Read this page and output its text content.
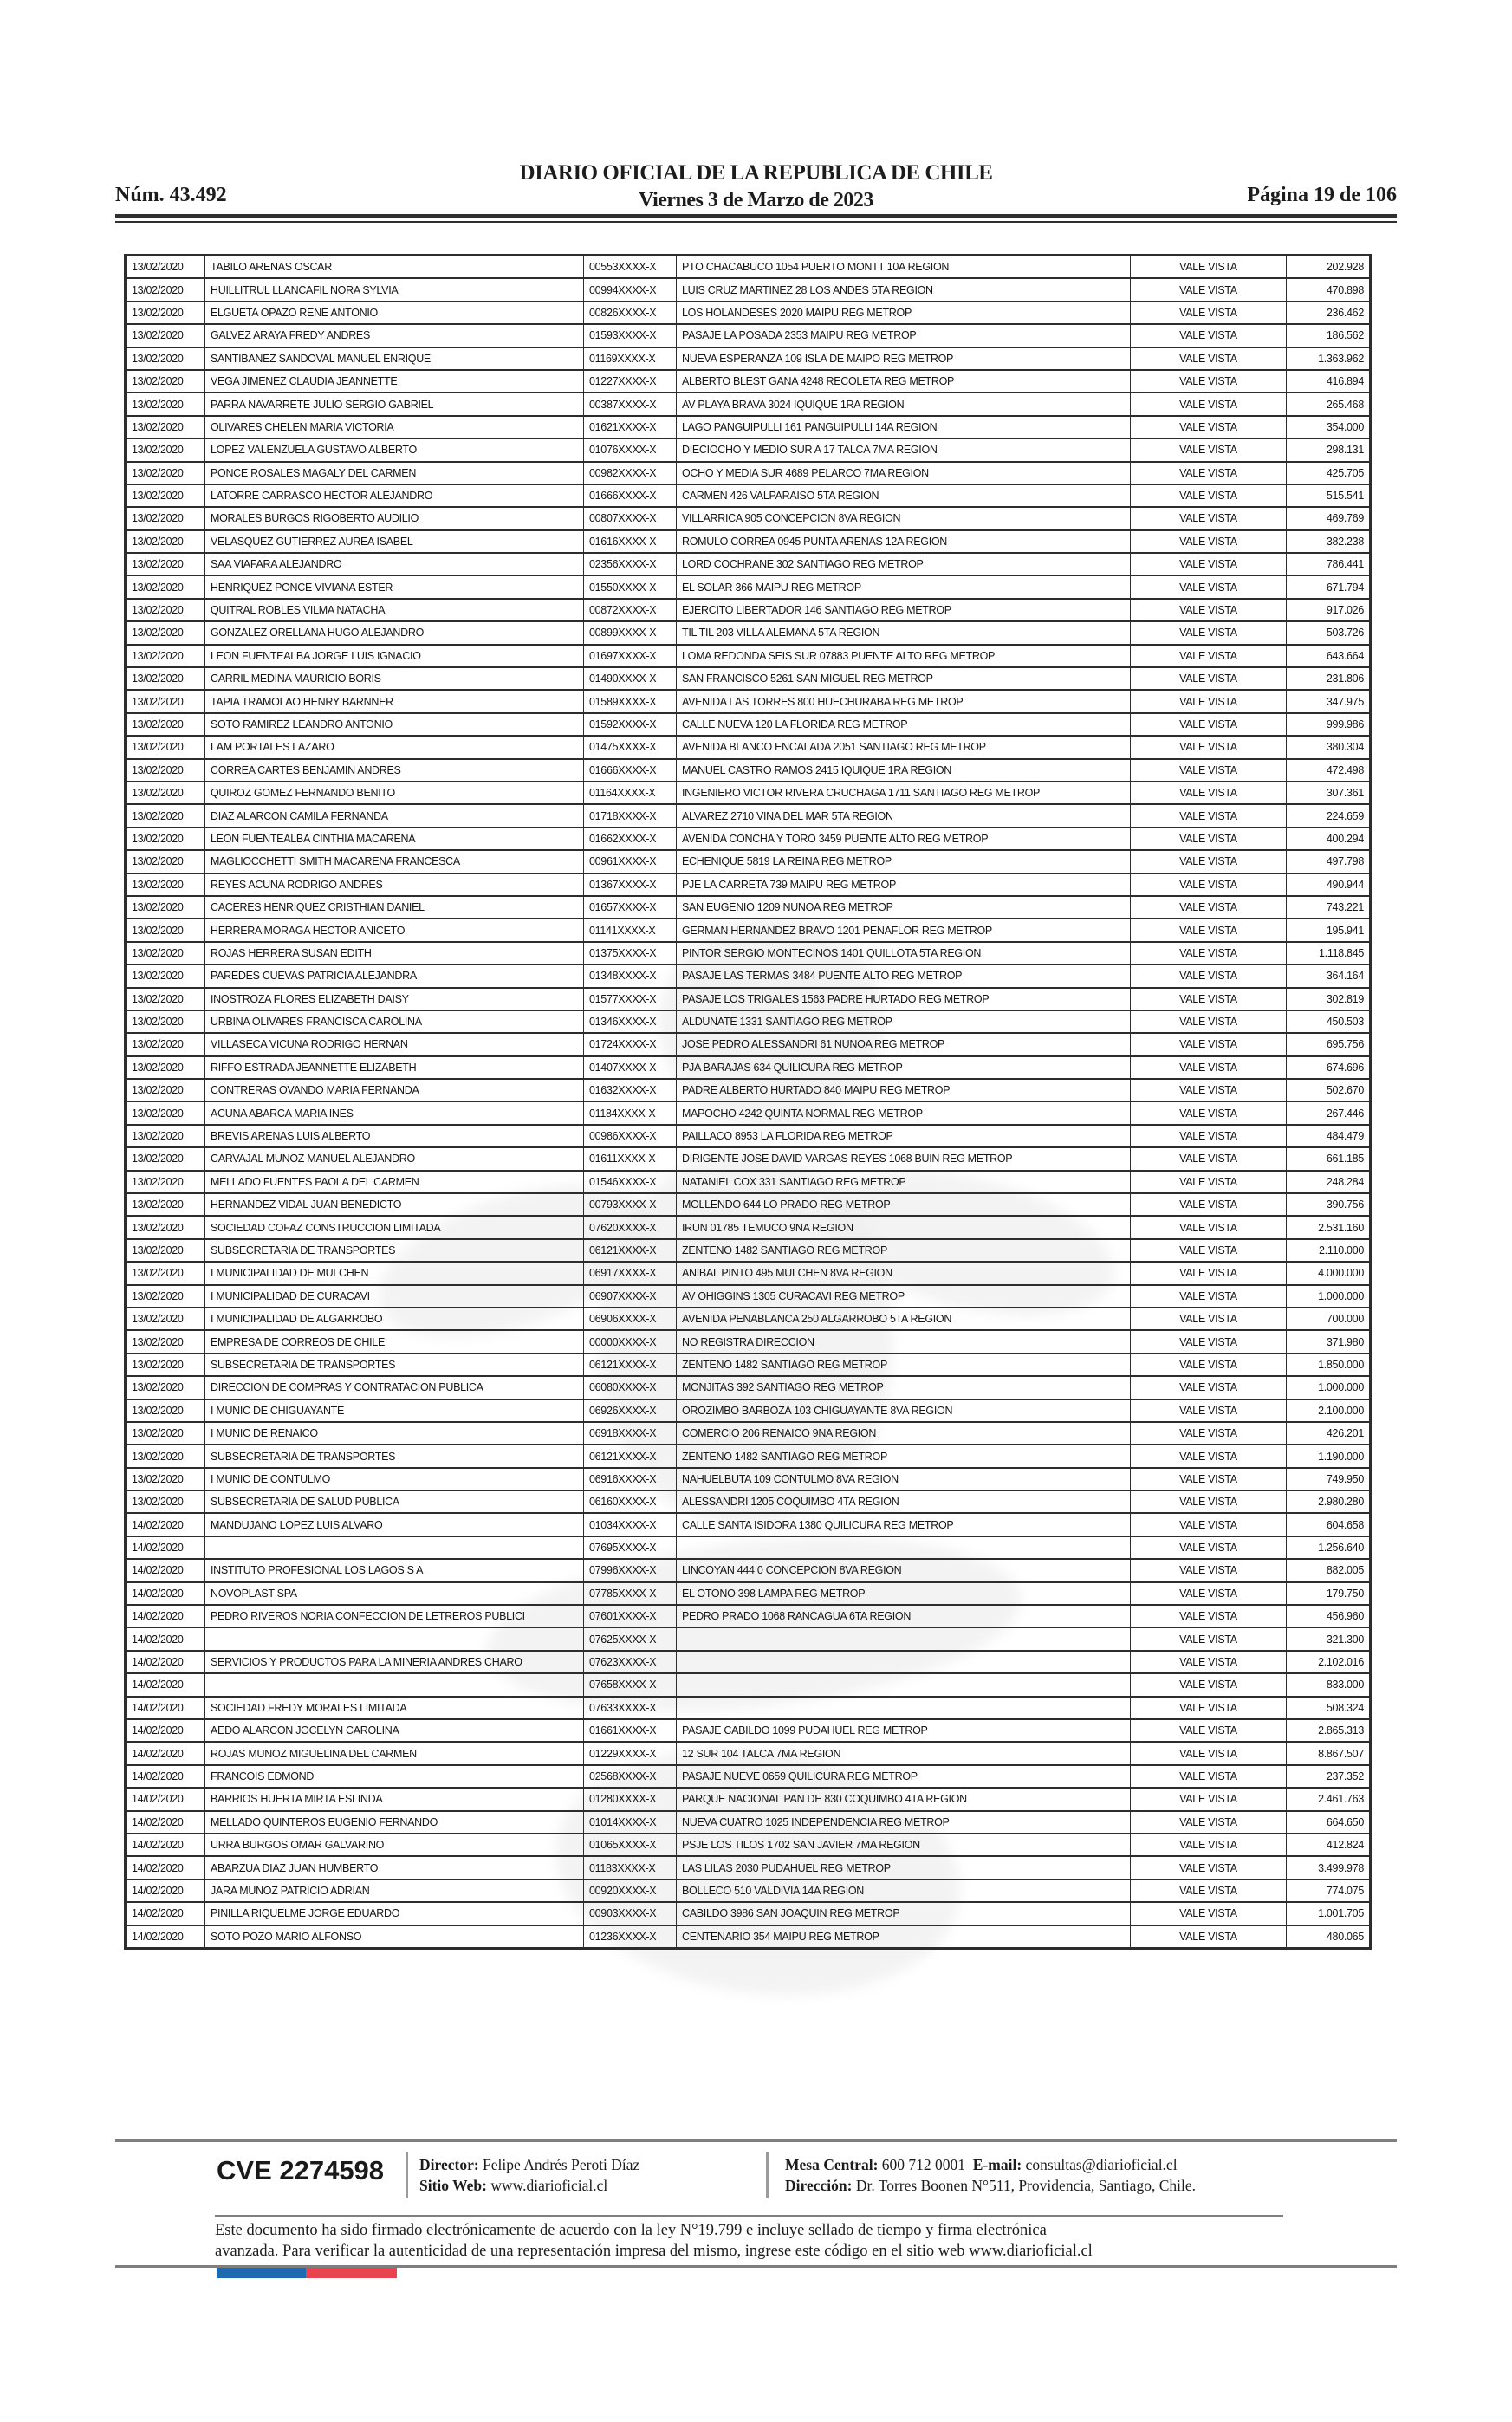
Núm. 43.492
DIARIO OFICIAL DE LA REPUBLICA DE CHILE
Viernes 3 de Marzo de 2023	Página 19 de 106
13/02/2020	TABILO ARENAS OSCAR	00553XXXX-X	PTO CHACABUCO 1054 PUERTO MONTT 10A REGION	VALE VISTA	202.928
13/02/2020	HUILLITRUL LLANCAFIL NORA SYLVIA	00994XXXX-X	LUIS CRUZ MARTINEZ 28 LOS ANDES 5TA REGION	VALE VISTA	470.898
13/02/2020	ELGUETA OPAZO RENE ANTONIO	00826XXXX-X	LOS HOLANDESES 2020 MAIPU REG METROP	VALE VISTA	236.462
13/02/2020	GALVEZ ARAYA FREDY ANDRES	01593XXXX-X	PASAJE LA POSADA 2353 MAIPU REG METROP	VALE VISTA	186.562
13/02/2020	SANTIBANEZ SANDOVAL MANUEL ENRIQUE	01169XXXX-X	NUEVA ESPERANZA 109 ISLA DE MAIPO REG METROP	VALE VISTA	1.363.962
13/02/2020	VEGA JIMENEZ CLAUDIA JEANNETTE	01227XXXX-X	ALBERTO BLEST GANA 4248 RECOLETA REG METROP	VALE VISTA	416.894
13/02/2020	PARRA NAVARRETE JULIO SERGIO GABRIEL	00387XXXX-X	AV PLAYA BRAVA 3024 IQUIQUE 1RA REGION	VALE VISTA	265.468
13/02/2020	OLIVARES CHELEN MARIA VICTORIA	01621XXXX-X	LAGO PANGUIPULLI 161 PANGUIPULLI 14A REGION	VALE VISTA	354.000
13/02/2020	LOPEZ VALENZUELA GUSTAVO ALBERTO	01076XXXX-X	DIECIOCHO Y MEDIO SUR A 17 TALCA 7MA REGION	VALE VISTA	298.131
13/02/2020	PONCE ROSALES MAGALY DEL CARMEN	00982XXXX-X	OCHO Y MEDIA SUR 4689 PELARCO 7MA REGION	VALE VISTA	425.705
13/02/2020	LATORRE CARRASCO HECTOR ALEJANDRO	01666XXXX-X	CARMEN 426 VALPARAISO 5TA REGION	VALE VISTA	515.541
13/02/2020	MORALES BURGOS RIGOBERTO AUDILIO	00807XXXX-X	VILLARRICA 905 CONCEPCION 8VA REGION	VALE VISTA	469.769
13/02/2020	VELASQUEZ GUTIERREZ AUREA ISABEL	01616XXXX-X	ROMULO CORREA 0945 PUNTA ARENAS 12A REGION	VALE VISTA	382.238
13/02/2020	SAA VIAFARA ALEJANDRO	02356XXXX-X	LORD COCHRANE 302 SANTIAGO REG METROP	VALE VISTA	786.441
13/02/2020	HENRIQUEZ PONCE VIVIANA ESTER	01550XXXX-X	EL SOLAR 366 MAIPU REG METROP	VALE VISTA	671.794
13/02/2020	QUITRAL ROBLES VILMA NATACHA	00872XXXX-X	EJERCITO LIBERTADOR 146 SANTIAGO REG METROP	VALE VISTA	917.026
13/02/2020	GONZALEZ ORELLANA HUGO ALEJANDRO	00899XXXX-X	TIL TIL 203 VILLA ALEMANA 5TA REGION	VALE VISTA	503.726
13/02/2020	LEON FUENTEALBA JORGE LUIS IGNACIO	01697XXXX-X	LOMA REDONDA SEIS SUR 07883 PUENTE ALTO REG METROP	VALE VISTA	643.664
13/02/2020	CARRIL MEDINA MAURICIO BORIS	01490XXXX-X	SAN FRANCISCO 5261 SAN MIGUEL REG METROP	VALE VISTA	231.806
13/02/2020	TAPIA TRAMOLAO HENRY BARNNER	01589XXXX-X	AVENIDA LAS TORRES 800 HUECHURABA REG METROP	VALE VISTA	347.975
13/02/2020	SOTO RAMIREZ LEANDRO ANTONIO	01592XXXX-X	CALLE NUEVA 120 LA FLORIDA REG METROP	VALE VISTA	999.986
13/02/2020	LAM PORTALES LAZARO	01475XXXX-X	AVENIDA BLANCO ENCALADA 2051 SANTIAGO REG METROP	VALE VISTA	380.304
13/02/2020	CORREA CARTES BENJAMIN ANDRES	01666XXXX-X	MANUEL CASTRO RAMOS 2415 IQUIQUE 1RA REGION	VALE VISTA	472.498
13/02/2020	QUIROZ GOMEZ FERNANDO BENITO	01164XXXX-X	INGENIERO VICTOR RIVERA CRUCHAGA 1711 SANTIAGO REG METROP	VALE VISTA	307.361
13/02/2020	DIAZ ALARCON CAMILA FERNANDA	01718XXXX-X	ALVAREZ 2710 VINA DEL MAR 5TA REGION	VALE VISTA	224.659
13/02/2020	LEON FUENTEALBA CINTHIA MACARENA	01662XXXX-X	AVENIDA CONCHA Y TORO 3459 PUENTE ALTO REG METROP	VALE VISTA	400.294
13/02/2020	MAGLIOCCHETTI SMITH MACARENA FRANCESCA	00961XXXX-X	ECHENIQUE 5819 LA REINA REG METROP	VALE VISTA	497.798
13/02/2020	REYES ACUNA RODRIGO ANDRES	01367XXXX-X	PJE LA CARRETA 739 MAIPU REG METROP	VALE VISTA	490.944
13/02/2020	CACERES HENRIQUEZ CRISTHIAN DANIEL	01657XXXX-X	SAN EUGENIO 1209 NUNOA REG METROP	VALE VISTA	743.221
13/02/2020	HERRERA MORAGA HECTOR ANICETO	01141XXXX-X	GERMAN HERNANDEZ BRAVO 1201 PENAFLOR REG METROP	VALE VISTA	195.941
13/02/2020	ROJAS HERRERA SUSAN EDITH	01375XXXX-X	PINTOR SERGIO MONTECINOS 1401 QUILLOTA 5TA REGION	VALE VISTA	1.118.845
13/02/2020	PAREDES CUEVAS PATRICIA ALEJANDRA	01348XXXX-X	PASAJE LAS TERMAS 3484 PUENTE ALTO REG METROP	VALE VISTA	364.164
13/02/2020	INOSTROZA FLORES ELIZABETH DAISY	01577XXXX-X	PASAJE LOS TRIGALES 1563 PADRE HURTADO REG METROP	VALE VISTA	302.819
13/02/2020	URBINA OLIVARES FRANCISCA CAROLINA	01346XXXX-X	ALDUNATE 1331 SANTIAGO REG METROP	VALE VISTA	450.503
13/02/2020	VILLASECA VICUNA RODRIGO HERNAN	01724XXXX-X	JOSE PEDRO ALESSANDRI 61 NUNOA REG METROP	VALE VISTA	695.756
13/02/2020	RIFFO ESTRADA JEANNETTE ELIZABETH	01407XXXX-X	PJA BARAJAS 634 QUILICURA REG METROP	VALE VISTA	674.696
13/02/2020	CONTRERAS OVANDO MARIA FERNANDA	01632XXXX-X	PADRE ALBERTO HURTADO 840 MAIPU REG METROP	VALE VISTA	502.670
13/02/2020	ACUNA ABARCA MARIA INES	01184XXXX-X	MAPOCHO 4242 QUINTA NORMAL REG METROP	VALE VISTA	267.446
13/02/2020	BREVIS ARENAS LUIS ALBERTO	00986XXXX-X	PAILLACO 8953 LA FLORIDA REG METROP	VALE VISTA	484.479
13/02/2020	CARVAJAL MUNOZ MANUEL ALEJANDRO	01611XXXX-X	DIRIGENTE JOSE DAVID VARGAS REYES 1068 BUIN REG METROP	VALE VISTA	661.185
13/02/2020	MELLADO FUENTES PAOLA DEL CARMEN	01546XXXX-X	NATANIEL COX 331 SANTIAGO REG METROP	VALE VISTA	248.284
13/02/2020	HERNANDEZ VIDAL JUAN BENEDICTO	00793XXXX-X	MOLLENDO 644 LO PRADO REG METROP	VALE VISTA	390.756
13/02/2020	SOCIEDAD COFAZ CONSTRUCCION LIMITADA	07620XXXX-X	IRUN 01785 TEMUCO 9NA REGION	VALE VISTA	2.531.160
13/02/2020	SUBSECRETARIA DE TRANSPORTES	06121XXXX-X	ZENTENO 1482 SANTIAGO REG METROP	VALE VISTA	2.110.000
13/02/2020	I MUNICIPALIDAD DE MULCHEN	06917XXXX-X	ANIBAL PINTO 495 MULCHEN 8VA REGION	VALE VISTA	4.000.000
13/02/2020	I MUNICIPALIDAD DE CURACAVI	06907XXXX-X	AV OHIGGINS 1305 CURACAVI REG METROP	VALE VISTA	1.000.000
13/02/2020	I MUNICIPALIDAD DE ALGARROBO	06906XXXX-X	AVENIDA PENABLANCA 250 ALGARROBO 5TA REGION	VALE VISTA	700.000
13/02/2020	EMPRESA DE CORREOS DE CHILE	00000XXXX-X	NO REGISTRA DIRECCION	VALE VISTA	371.980
13/02/2020	SUBSECRETARIA DE TRANSPORTES	06121XXXX-X	ZENTENO 1482 SANTIAGO REG METROP	VALE VISTA	1.850.000
13/02/2020	DIRECCION DE COMPRAS Y CONTRATACION PUBLICA	06080XXXX-X	MONJITAS 392 SANTIAGO REG METROP	VALE VISTA	1.000.000
13/02/2020	I MUNIC DE CHIGUAYANTE	06926XXXX-X	OROZIMBO BARBOZA 103 CHIGUAYANTE 8VA REGION	VALE VISTA	2.100.000
13/02/2020	I MUNIC DE RENAICO	06918XXXX-X	COMERCIO 206 RENAICO 9NA REGION	VALE VISTA	426.201
13/02/2020	SUBSECRETARIA DE TRANSPORTES	06121XXXX-X	ZENTENO 1482 SANTIAGO REG METROP	VALE VISTA	1.190.000
13/02/2020	I MUNIC DE CONTULMO	06916XXXX-X	NAHUELBUTA 109 CONTULMO 8VA REGION	VALE VISTA	749.950
13/02/2020	SUBSECRETARIA DE SALUD PUBLICA	06160XXXX-X	ALESSANDRI 1205 COQUIMBO 4TA REGION	VALE VISTA	2.980.280
14/02/2020	MANDUJANO LOPEZ LUIS ALVARO	01034XXXX-X	CALLE SANTA ISIDORA 1380 QUILICURA REG METROP	VALE VISTA	604.658
14/02/2020		07695XXXX-X		VALE VISTA	1.256.640
14/02/2020	INSTITUTO PROFESIONAL LOS LAGOS S A	07996XXXX-X	LINCOYAN 444 0 CONCEPCION 8VA REGION	VALE VISTA	882.005
14/02/2020	NOVOPLAST SPA	07785XXXX-X	EL OTONO 398 LAMPA REG METROP	VALE VISTA	179.750
14/02/2020	PEDRO RIVEROS NORIA CONFECCION DE LETREROS PUBLICI	07601XXXX-X	PEDRO PRADO 1068 RANCAGUA 6TA REGION	VALE VISTA	456.960
14/02/2020		07625XXXX-X		VALE VISTA	321.300
14/02/2020	SERVICIOS Y PRODUCTOS PARA LA MINERIA ANDRES CHARO	07623XXXX-X		VALE VISTA	2.102.016
14/02/2020		07658XXXX-X		VALE VISTA	833.000
14/02/2020	SOCIEDAD FREDY MORALES LIMITADA	07633XXXX-X		VALE VISTA	508.324
14/02/2020	AEDO ALARCON JOCELYN CAROLINA	01661XXXX-X	PASAJE CABILDO 1099 PUDAHUEL REG METROP	VALE VISTA	2.865.313
14/02/2020	ROJAS MUNOZ MIGUELINA DEL CARMEN	01229XXXX-X	12 SUR 104 TALCA 7MA REGION	VALE VISTA	8.867.507
14/02/2020	FRANCOIS EDMOND	02568XXXX-X	PASAJE NUEVE 0659 QUILICURA REG METROP	VALE VISTA	237.352
14/02/2020	BARRIOS HUERTA MIRTA ESLINDA	01280XXXX-X	PARQUE NACIONAL PAN DE 830 COQUIMBO 4TA REGION	VALE VISTA	2.461.763
14/02/2020	MELLADO QUINTEROS EUGENIO FERNANDO	01014XXXX-X	NUEVA CUATRO 1025 INDEPENDENCIA REG METROP	VALE VISTA	664.650
14/02/2020	URRA BURGOS OMAR GALVARINO	01065XXXX-X	PSJE LOS TILOS 1702 SAN JAVIER 7MA REGION	VALE VISTA	412.824
14/02/2020	ABARZUA DIAZ JUAN HUMBERTO	01183XXXX-X	LAS LILAS 2030 PUDAHUEL REG METROP	VALE VISTA	3.499.978
14/02/2020	JARA MUNOZ PATRICIO ADRIAN	00920XXXX-X	BOLLECO 510 VALDIVIA 14A REGION	VALE VISTA	774.075
14/02/2020	PINILLA RIQUELME JORGE EDUARDO	00903XXXX-X	CABILDO 3986 SAN JOAQUIN REG METROP	VALE VISTA	1.001.705
14/02/2020	SOTO POZO MARIO ALFONSO	01236XXXX-X	CENTENARIO 354 MAIPU REG METROP	VALE VISTA	480.065
CVE 2274598 Director: Felipe Andrés Peroti Díaz
Sitio Web: www.diarioficial.cl
Mesa Central: 600 712 0001 E-mail: consultas@diarioficial.cl
Dirección: Dr. Torres Boonen N°511, Providencia, Santiago, Chile.
Este documento ha sido firmado electrónicamente de acuerdo con la ley N°19.799 e incluye sellado de tiempo y firma electrónica
avanzada. Para verificar la autenticidad de una representación impresa del mismo, ingrese este código en el sitio web www.diarioficial.cl
